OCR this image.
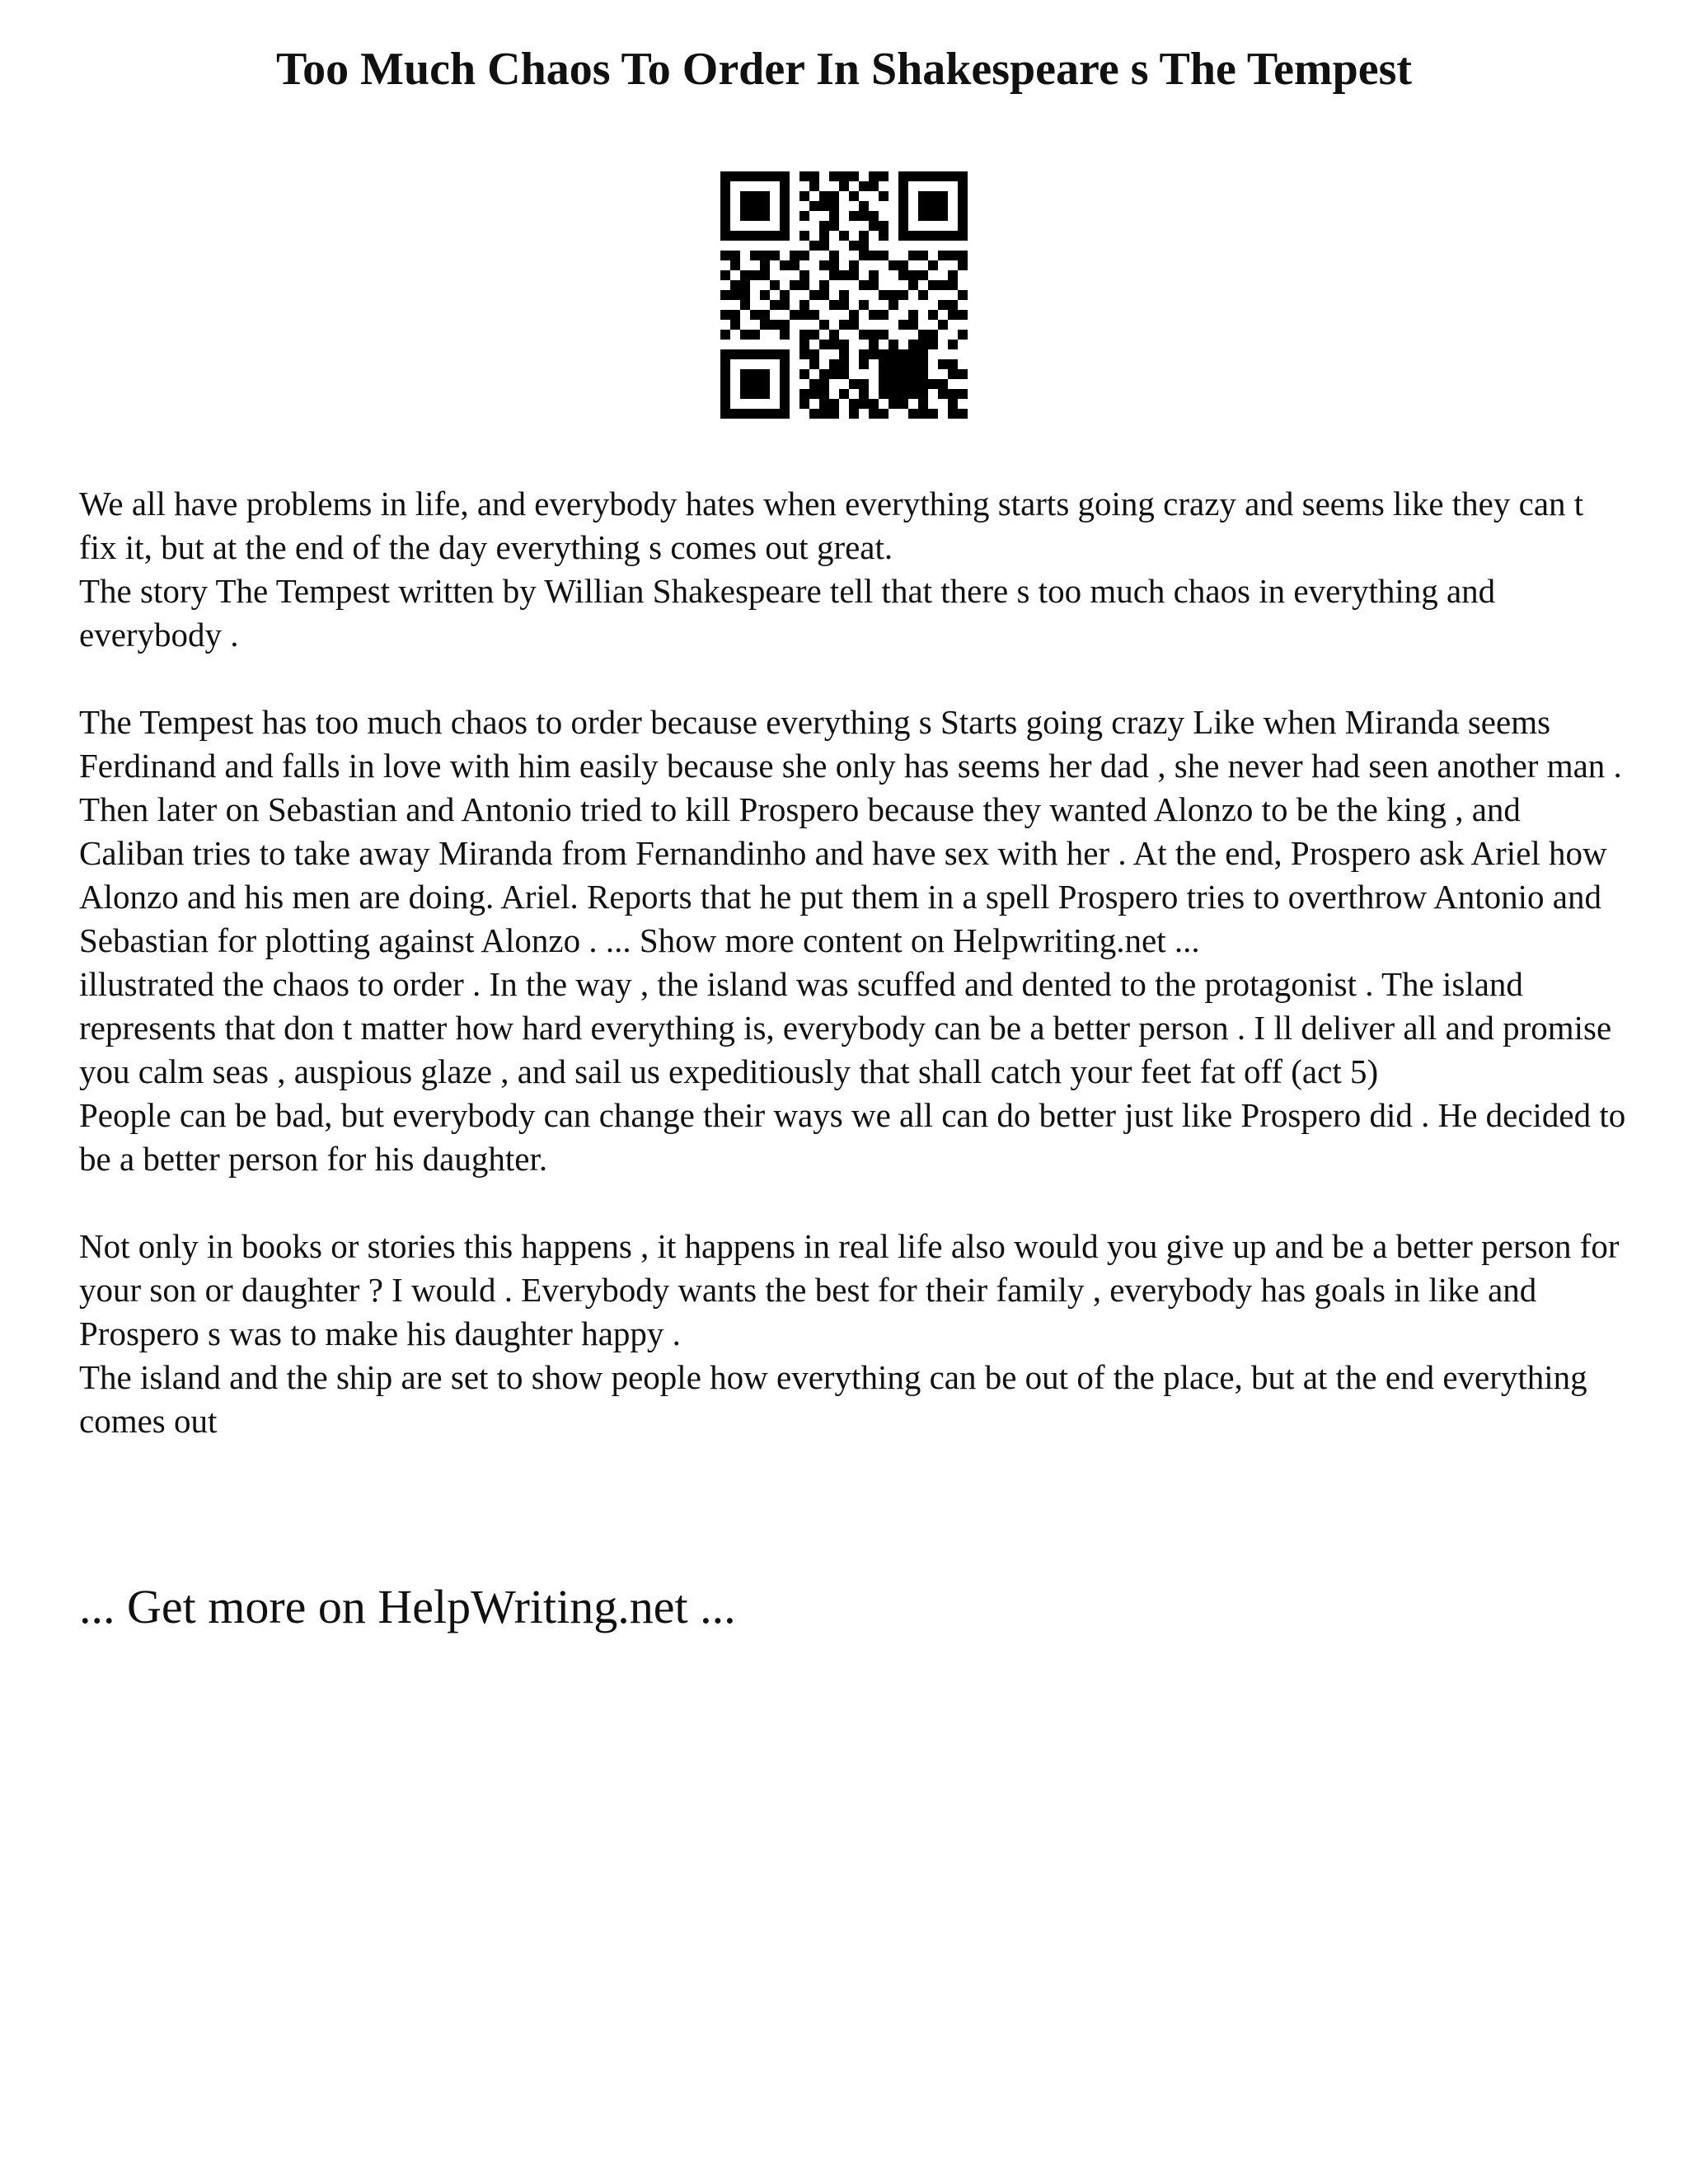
Too Much Chaos To Order In Shakespeare s The Tempest

We all have problems in life, and everybody hates when everything starts going crazy and seems like they can t fix it, but at the end of the day everything s comes out great.

The story The Tempest written by Willian Shakespeare tell that there s too much chaos in everything and everybody .

The Tempest has too much chaos to order because everything s Starts going crazy Like when Miranda seems Ferdinand and falls in love with him easily because she only has seems her dad , she never had seen another man . Then later on Sebastian and Antonio tried to kill Prospero because they wanted Alonzo to be the king , and Caliban tries to take away Miranda from Fernandinho and have sex with her . At the end, Prospero ask Ariel how Alonzo and his men are doing. Ariel. Reports that he put them in a spell Prospero tries to overthrow Antonio and Sebastian for plotting against Alonzo . ... Show more content on Helpwriting.net ...

illustrated the chaos to order . In the way , the island was scuffed and dented to the protagonist . The island represents that don t matter how hard everything is, everybody can be a better person . I ll deliver all and promise you calm seas , auspious glaze , and sail us expeditiously that shall catch your feet fat off (act 5)

People can be bad, but everybody can change their ways we all can do better just like Prospero did . He decided to be a better person for his daughter.

Not only in books or stories this happens , it happens in real life also would you give up and be a better person for your son or daughter ? I would . Everybody wants the best for their family , everybody has goals in like and Prospero s was to make his daughter happy .

The island and the ship are set to show people how everything can be out of the place, but at the end everything comes out

... Get more on HelpWriting.net ...
